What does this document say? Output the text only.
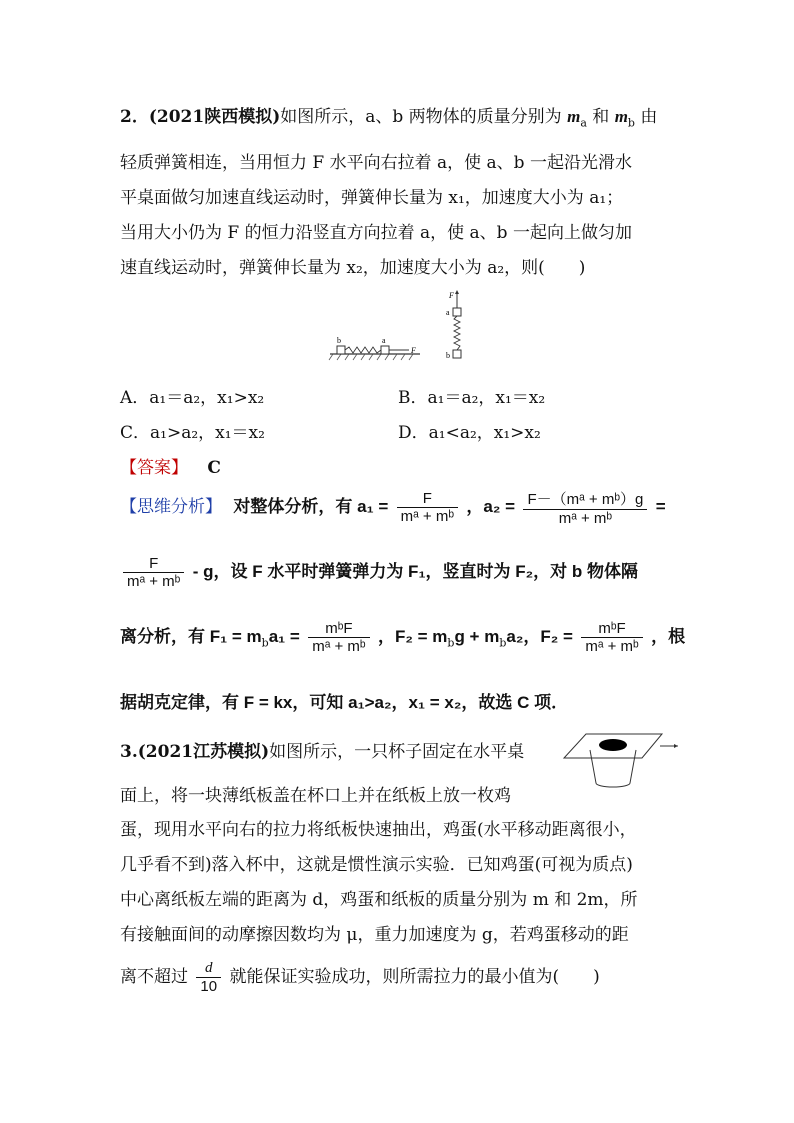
2．(2021陕西模拟)如图所示，a、b 两物体的质量分别为 $m_a$ 和 $m_b$ 由
轻质弹簧相连，当用恒力 F 水平向右拉着 a，使 a、b 一起沿光滑水
平桌面做匀加速直线运动时，弹簧伸长量为 x₁，加速度大小为 a₁；
当用大小仍为 F 的恒力沿竖直方向拉着 a，使 a、b 一起向上做匀加
速直线运动时，弹簧伸长量为 x₂，加速度大小为 a₂，则(　　)
b	a
F
F
a
b
A．a₁＝a₂，x₁>x₂	B．a₁＝a₂，x₁＝x₂
C．a₁>a₂，x₁＝x₂	D．a₁<a₂，x₁>x₂
【答案】 C
【思维分析】 对整体分析，有 $a_1 = \frac{F}{\text{mᵃ + mᵇ}}$ ，$a_2 = \frac{\text{F－（mᵃ + mᵇ）g}}{\text{mᵃ + mᵇ}}$ =
$\frac{F}{\text{mᵃ + mᵇ}}$ - g，设 F 水平时弹簧弹力为 F₁，竖直时为 F₂，对 b 物体隔
离分析，有 $F_1 = m_ba_1 = \frac{\text{mᵇF}}{\text{mᵃ + mᵇ}}$ ，$F_2 = m_bg + m_ba_2$，$F_2 = \frac{\text{mᵇF}}{\text{mᵃ + mᵇ}}$ ，根
据胡克定律，有 F = kx，可知 a₁>a₂，x₁ = x₂，故选 C 项．
3.(2021江苏模拟)如图所示，一只杯子固定在水平桌
面上，将一块薄纸板盖在杯口上并在纸板上放一枚鸡
蛋，现用水平向右的拉力将纸板快速抽出，鸡蛋(水平移动距离很小，
几乎看不到)落入杯中，这就是惯性演示实验．已知鸡蛋(可视为质点)
中心离纸板左端的距离为 d，鸡蛋和纸板的质量分别为 m 和 2m，所
有接触面间的动摩擦因数均为 μ，重力加速度为 g，若鸡蛋移动的距
离不超过 $\frac{d}{10}$ 就能保证实验成功，则所需拉力的最小值为(　　)
